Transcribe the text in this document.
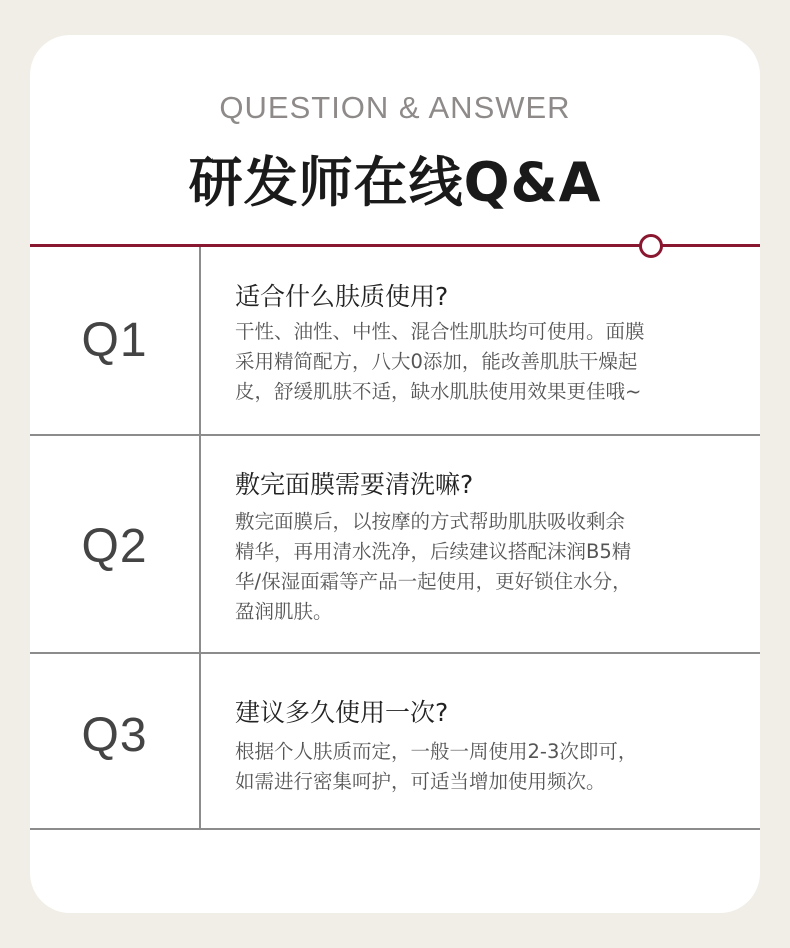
QUESTION & ANSWER
研发师在线Q&A
Q1
适合什么肤质使用?
干性、油性、中性、混合性肌肤均可使用。面膜
采用精简配方，八大0添加，能改善肌肤干燥起
皮，舒缓肌肤不适，缺水肌肤使用效果更佳哦~
Q2
敷完面膜需要清洗嘛?
敷完面膜后，以按摩的方式帮助肌肤吸收剩余
精华，再用清水洗净，后续建议搭配沫润B5精
华/保湿面霜等产品一起使用，更好锁住水分，
盈润肌肤。
Q3	建议多久使用一次?
根据个人肤质而定，一般一周使用2-3次即可，
如需进行密集呵护，可适当增加使用频次。
